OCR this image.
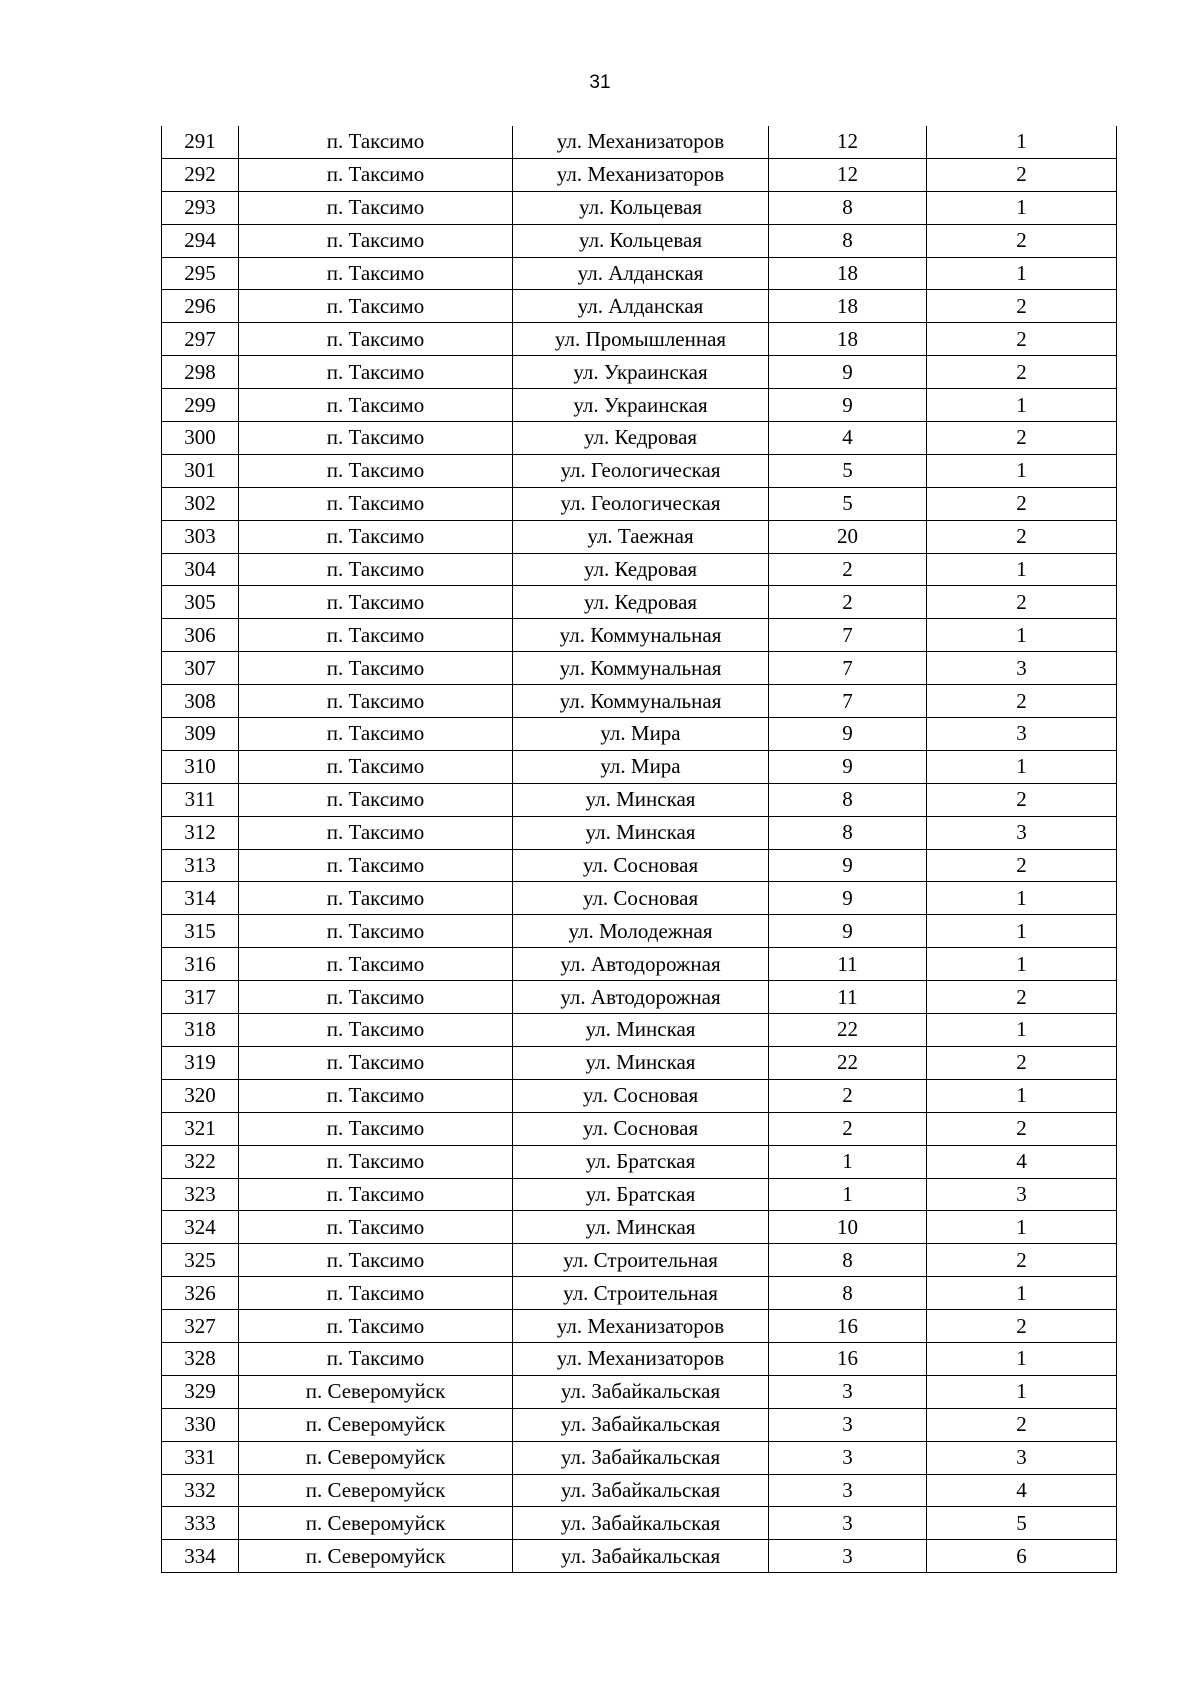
31
291	п. Таксимо	ул. Механизаторов	12	1
292	п. Таксимо	ул. Механизаторов	12	2
293	п. Таксимо	ул. Кольцевая	8	1
294	п. Таксимо	ул. Кольцевая	8	2
295	п. Таксимо	ул. Алданская	18	1
296	п. Таксимо	ул. Алданская	18	2
297	п. Таксимо	ул. Промышленная	18	2
298	п. Таксимо	ул. Украинская	9	2
299	п. Таксимо	ул. Украинская	9	1
300	п. Таксимо	ул. Кедровая	4	2
301	п. Таксимо	ул. Геологическая	5	1
302	п. Таксимо	ул. Геологическая	5	2
303	п. Таксимо	ул. Таежная	20	2
304	п. Таксимо	ул. Кедровая	2	1
305	п. Таксимо	ул. Кедровая	2	2
306	п. Таксимо	ул. Коммунальная	7	1
307	п. Таксимо	ул. Коммунальная	7	3
308	п. Таксимо	ул. Коммунальная	7	2
309	п. Таксимо	ул. Мира	9	3
310	п. Таксимо	ул. Мира	9	1
311	п. Таксимо	ул. Минская	8	2
312	п. Таксимо	ул. Минская	8	3
313	п. Таксимо	ул. Сосновая	9	2
314	п. Таксимо	ул. Сосновая	9	1
315	п. Таксимо	ул. Молодежная	9	1
316	п. Таксимо	ул. Автодорожная	11	1
317	п. Таксимо	ул. Автодорожная	11	2
318	п. Таксимо	ул. Минская	22	1
319	п. Таксимо	ул. Минская	22	2
320	п. Таксимо	ул. Сосновая	2	1
321	п. Таксимо	ул. Сосновая	2	2
322	п. Таксимо	ул. Братская	1	4
323	п. Таксимо	ул. Братская	1	3
324	п. Таксимо	ул. Минская	10	1
325	п. Таксимо	ул. Строительная	8	2
326	п. Таксимо	ул. Строительная	8	1
327	п. Таксимо	ул. Механизаторов	16	2
328	п. Таксимо	ул. Механизаторов	16	1
329	п. Северомуйск	ул. Забайкальская	3	1
330	п. Северомуйск	ул. Забайкальская	3	2
331	п. Северомуйск	ул. Забайкальская	3	3
332	п. Северомуйск	ул. Забайкальская	3	4
333	п. Северомуйск	ул. Забайкальская	3	5
334	п. Северомуйск	ул. Забайкальская	3	6
